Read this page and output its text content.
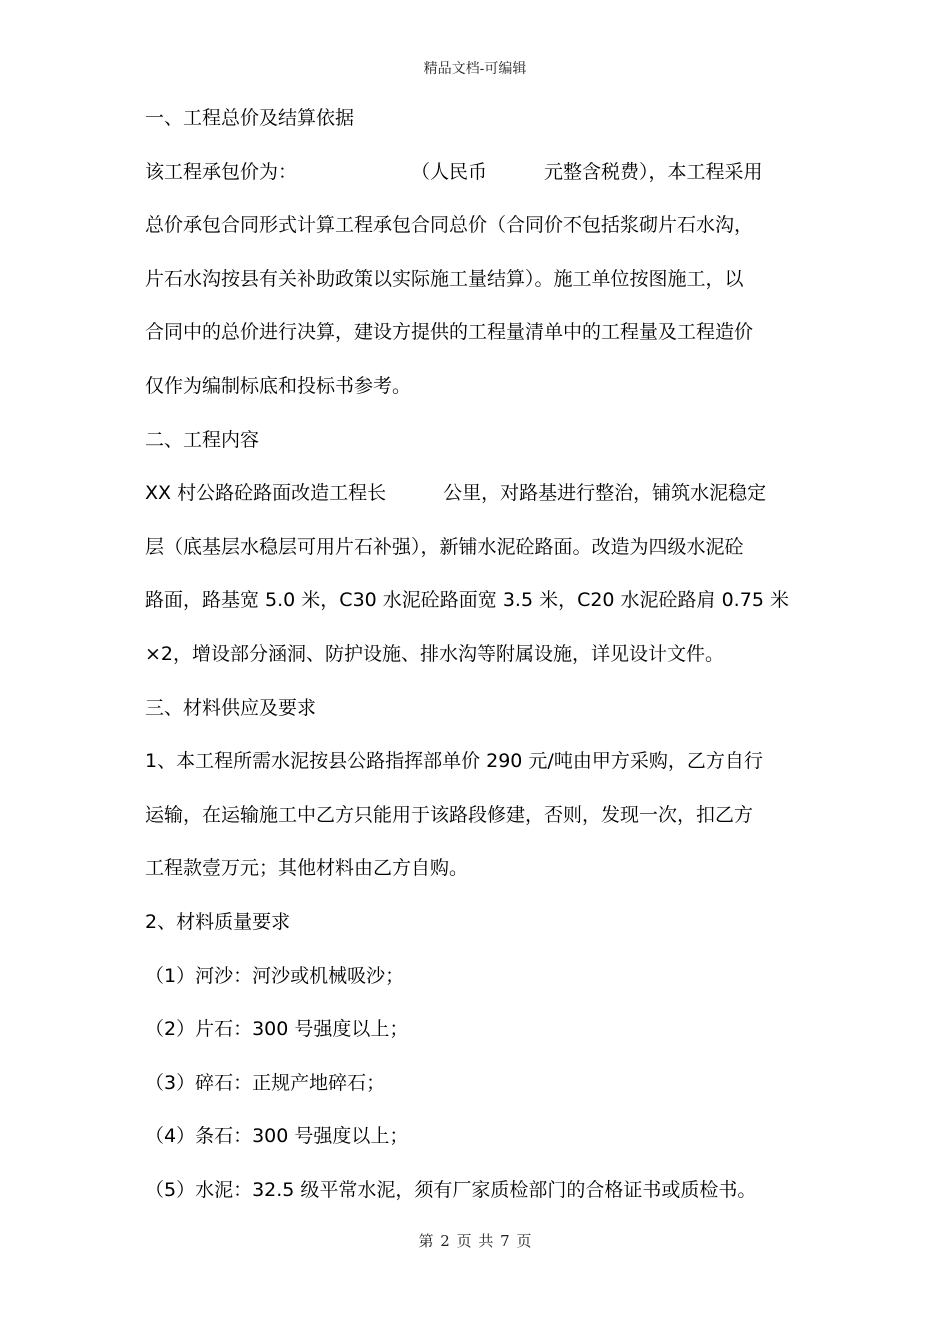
精品文档-可编辑
一、工程总价及结算依据
该工程承包价为：　　　　　　　（人民币　　　元整含税费），本工程采用
总价承包合同形式计算工程承包合同总价（合同价不包括浆砌片石水沟，
片石水沟按县有关补助政策以实际施工量结算）。施工单位按图施工，以
合同中的总价进行决算，建设方提供的工程量清单中的工程量及工程造价
仅作为编制标底和投标书参考。
二、工程内容
XX 村公路砼路面改造工程长　　　公里，对路基进行整治，铺筑水泥稳定
层（底基层水稳层可用片石补强），新铺水泥砼路面。改造为四级水泥砼
路面，路基宽 5.0 米，C30 水泥砼路面宽 3.5 米，C20 水泥砼路肩 0.75 米
×2，增设部分涵洞、防护设施、排水沟等附属设施，详见设计文件。
三、材料供应及要求
1、本工程所需水泥按县公路指挥部单价 290 元/吨由甲方采购，乙方自行
运输，在运输施工中乙方只能用于该路段修建，否则，发现一次，扣乙方
工程款壹万元；其他材料由乙方自购。
2、材料质量要求
（1）河沙：河沙或机械吸沙；
（2）片石：300 号强度以上；
（3）碎石：正规产地碎石；
（4）条石：300 号强度以上；
（5）水泥：32.5 级平常水泥，须有厂家质检部门的合格证书或质检书。
第 2 页 共 7 页
